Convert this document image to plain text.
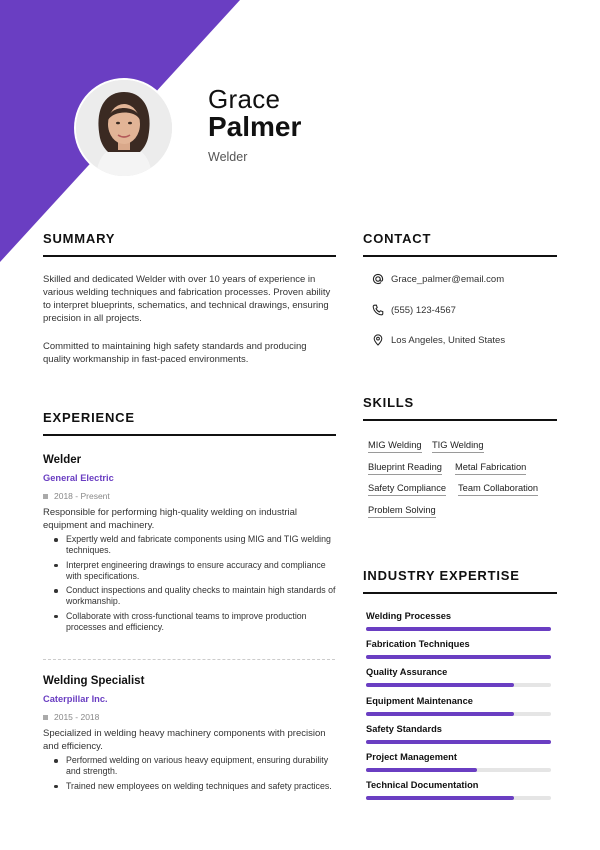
Grace
Palmer
Welder
SUMMARY
Skilled and dedicated Welder with over 10 years of experience in various welding techniques and fabrication processes. Proven ability to interpret blueprints, schematics, and technical drawings, ensuring precision in all projects.
Committed to maintaining high safety standards and producing quality workmanship in fast-paced environments.
CONTACT
Grace_palmer@email.com
(555) 123-4567
Los Angeles, United States
SKILLS
MIG Welding TIG Welding
Blueprint Reading Metal Fabrication
Safety Compliance Team Collaboration
Problem Solving
EXPERIENCE
Welder
General Electric
2018 - Present
Responsible for performing high-quality welding on industrial equipment and machinery.
Expertly weld and fabricate components using MIG and TIG welding techniques.
Interpret engineering drawings to ensure accuracy and compliance with specifications.
Conduct inspections and quality checks to maintain high standards of workmanship.
Collaborate with cross-functional teams to improve production processes and efficiency.
Welding Specialist
Caterpillar Inc.
2015 - 2018
Specialized in welding heavy machinery components with precision and efficiency.
Performed welding on various heavy equipment, ensuring durability and strength.
Trained new employees on welding techniques and safety practices.
INDUSTRY EXPERTISE
Welding Processes
Fabrication Techniques
Quality Assurance
Equipment Maintenance
Safety Standards
Project Management
Technical Documentation
